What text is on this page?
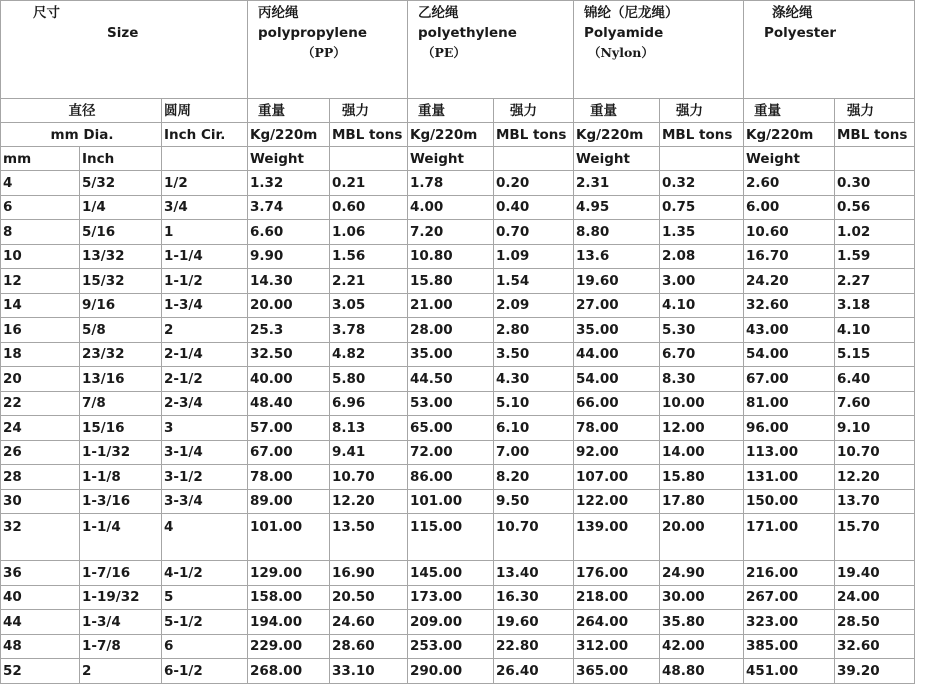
尺寸
Size			丙纶绳
polypropylene
（PP）		乙纶绳
polyethylene
（PE）		锦纶（尼龙绳）
Polyamide
（Nylon）		涤纶绳
Polyester	

直径		圆周	重量	强力	重量	强力	重量	强力	重量	强力
mm Dia.		Inch Cir.	Kg/220m	MBL tons	Kg/220m	MBL tons	Kg/220m	MBL tons	Kg/220m	MBL tons
mm	Inch		Weight		Weight		Weight		Weight	
4	5/32	1/2	1.32	0.21	1.78	0.20	2.31	0.32	2.60	0.30
6	1/4	3/4	3.74	0.60	4.00	0.40	4.95	0.75	6.00	0.56
8	5/16	1	6.60	1.06	7.20	0.70	8.80	1.35	10.60	1.02
10	13/32	1-1/4	9.90	1.56	10.80	1.09	13.6	2.08	16.70	1.59
12	15/32	1-1/2	14.30	2.21	15.80	1.54	19.60	3.00	24.20	2.27
14	9/16	1-3/4	20.00	3.05	21.00	2.09	27.00	4.10	32.60	3.18
16	5/8	2	25.3	3.78	28.00	2.80	35.00	5.30	43.00	4.10
18	23/32	2-1/4	32.50	4.82	35.00	3.50	44.00	6.70	54.00	5.15
20	13/16	2-1/2	40.00	5.80	44.50	4.30	54.00	8.30	67.00	6.40
22	7/8	2-3/4	48.40	6.96	53.00	5.10	66.00	10.00	81.00	7.60
24	15/16	3	57.00	8.13	65.00	6.10	78.00	12.00	96.00	9.10
26	1-1/32	3-1/4	67.00	9.41	72.00	7.00	92.00	14.00	113.00	10.70
28	1-1/8	3-1/2	78.00	10.70	86.00	8.20	107.00	15.80	131.00	12.20
30	1-3/16	3-3/4	89.00	12.20	101.00	9.50	122.00	17.80	150.00	13.70
32	1-1/4	4	101.00	13.50	115.00	10.70	139.00	20.00	171.00	15.70
36	1-7/16	4-1/2	129.00	16.90	145.00	13.40	176.00	24.90	216.00	19.40
40	1-19/32	5	158.00	20.50	173.00	16.30	218.00	30.00	267.00	24.00
44	1-3/4	5-1/2	194.00	24.60	209.00	19.60	264.00	35.80	323.00	28.50
48	1-7/8	6	229.00	28.60	253.00	22.80	312.00	42.00	385.00	32.60
52	2	6-1/2	268.00	33.10	290.00	26.40	365.00	48.80	451.00	39.20
